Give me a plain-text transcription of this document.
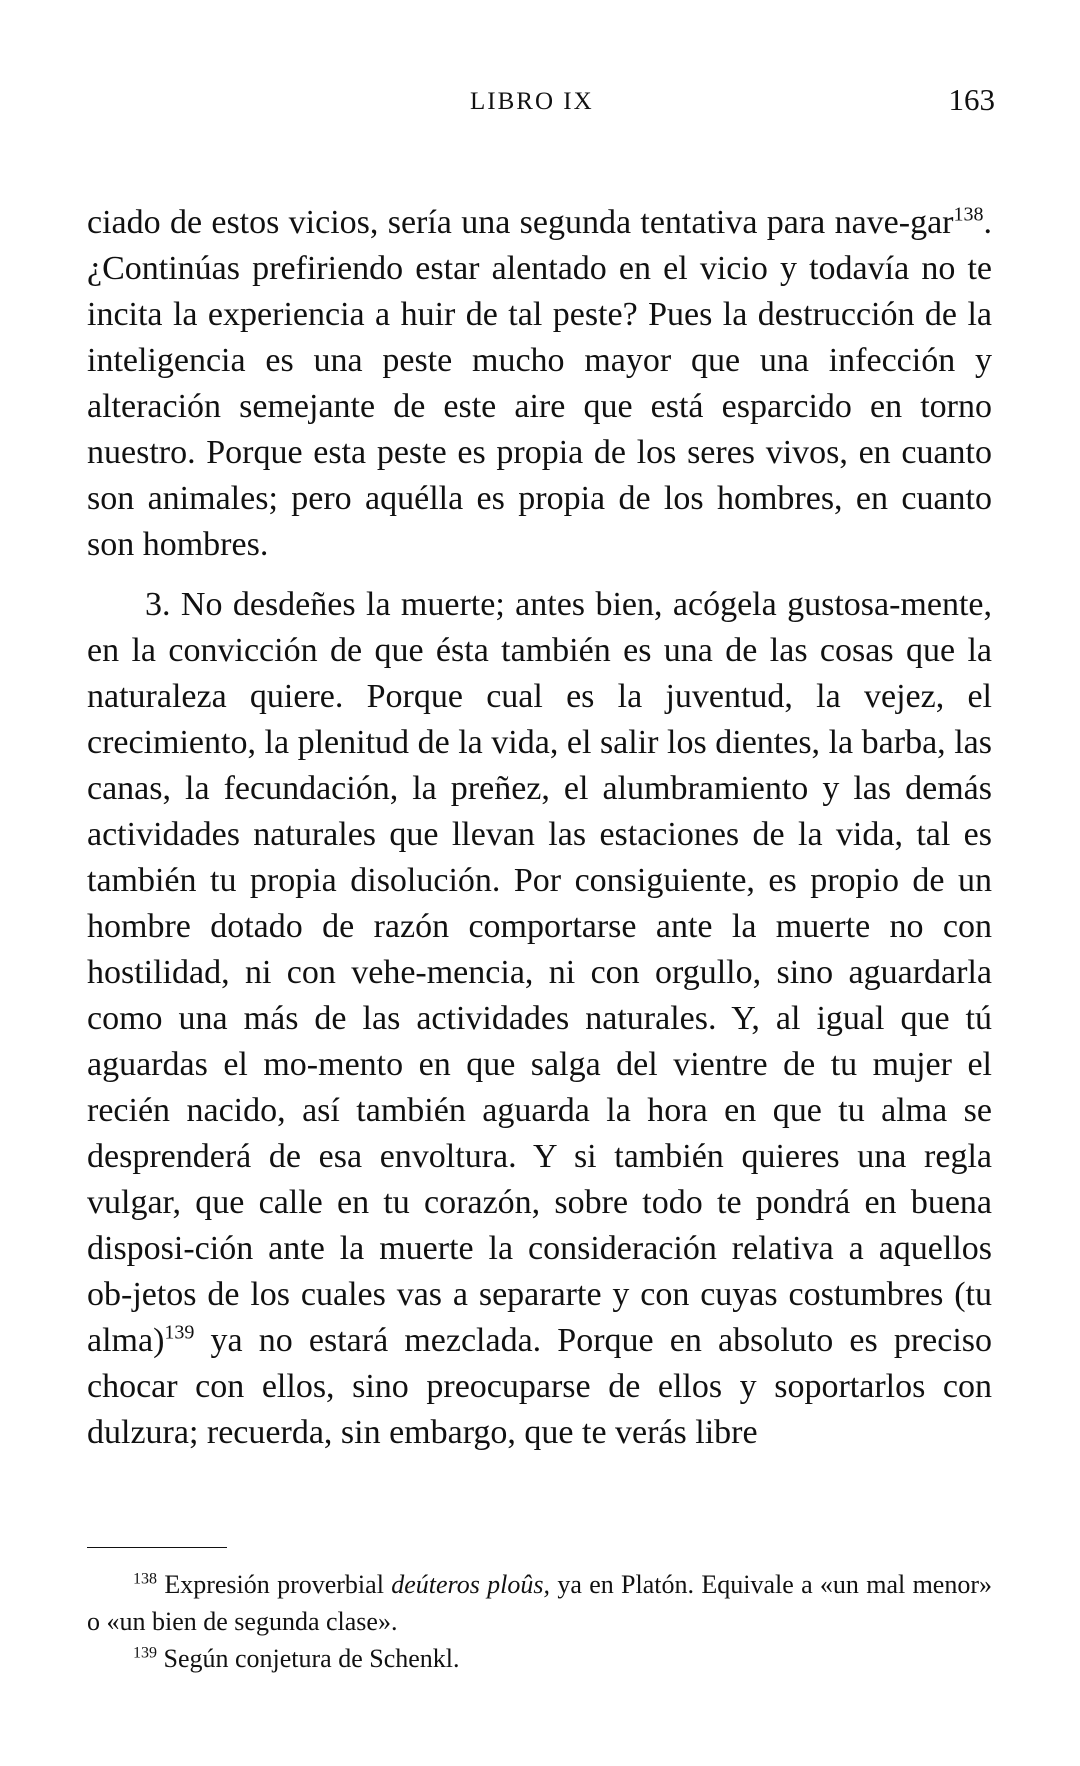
LIBRO IX	163

ciado de estos vicios, sería una segunda tentativa para nave-gar$^{138}$. ¿Continúas prefiriendo estar alentado en el vicio y todavía no te incita la experiencia a huir de tal peste? Pues la destrucción de la inteligencia es una peste mucho mayor que una infección y alteración semejante de este aire que está esparcido en torno nuestro. Porque esta peste es propia de los seres vivos, en cuanto son animales; pero aquélla es propia de los hombres, en cuanto son hombres.

3. No desdeñes la muerte; antes bien, acógela gustosa-mente, en la convicción de que ésta también es una de las cosas que la naturaleza quiere. Porque cual es la juventud, la vejez, el crecimiento, la plenitud de la vida, el salir los dientes, la barba, las canas, la fecundación, la preñez, el alumbramiento y las demás actividades naturales que llevan las estaciones de la vida, tal es también tu propia disolución. Por consiguiente, es propio de un hombre dotado de razón comportarse ante la muerte no con hostilidad, ni con vehe-mencia, ni con orgullo, sino aguardarla como una más de las actividades naturales. Y, al igual que tú aguardas el mo-mento en que salga del vientre de tu mujer el recién nacido, así también aguarda la hora en que tu alma se desprenderá de esa envoltura. Y si también quieres una regla vulgar, que calle en tu corazón, sobre todo te pondrá en buena disposi-ción ante la muerte la consideración relativa a aquellos ob-jetos de los cuales vas a separarte y con cuyas costumbres (tu alma)$^{139}$ ya no estará mezclada. Porque en absoluto es preciso chocar con ellos, sino preocuparse de ellos y soportarlos con dulzura; recuerda, sin embargo, que te verás libre

$^{138}$ Expresión proverbial deúteros ploûs, ya en Platón. Equivale a «un mal menor» o «un bien de segunda clase».

$^{139}$ Según conjetura de Schenkl.
